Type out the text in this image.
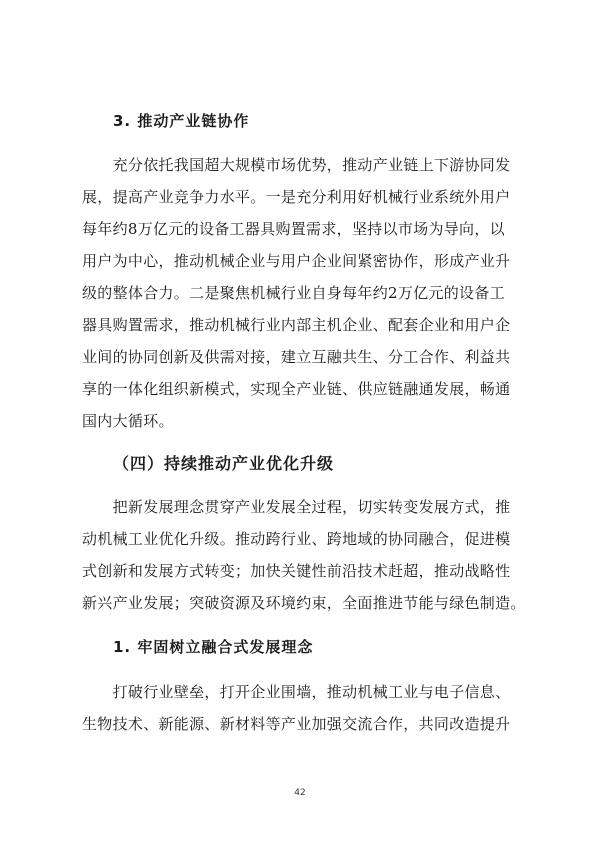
3. 推动产业链协作
　　充分依托我国超大规模市场优势，推动产业链上下游协同发
展，提高产业竞争力水平。一是充分利用好机械行业系统外用户
每年约8万亿元的设备工器具购置需求，坚持以市场为导向，以
用户为中心，推动机械企业与用户企业间紧密协作，形成产业升
级的整体合力。二是聚焦机械行业自身每年约2万亿元的设备工
器具购置需求，推动机械行业内部主机企业、配套企业和用户企
业间的协同创新及供需对接，建立互融共生、分工合作、利益共
享的一体化组织新模式，实现全产业链、供应链融通发展，畅通
国内大循环。
（四）持续推动产业优化升级
　　把新发展理念贯穿产业发展全过程，切实转变发展方式，推
动机械工业优化升级。推动跨行业、跨地域的协同融合，促进模
式创新和发展方式转变；加快关键性前沿技术赶超，推动战略性
新兴产业发展；突破资源及环境约束，全面推进节能与绿色制造。
1. 牢固树立融合式发展理念
　　打破行业壁垒，打开企业围墙，推动机械工业与电子信息、
生物技术、新能源、新材料等产业加强交流合作，共同改造提升
42
